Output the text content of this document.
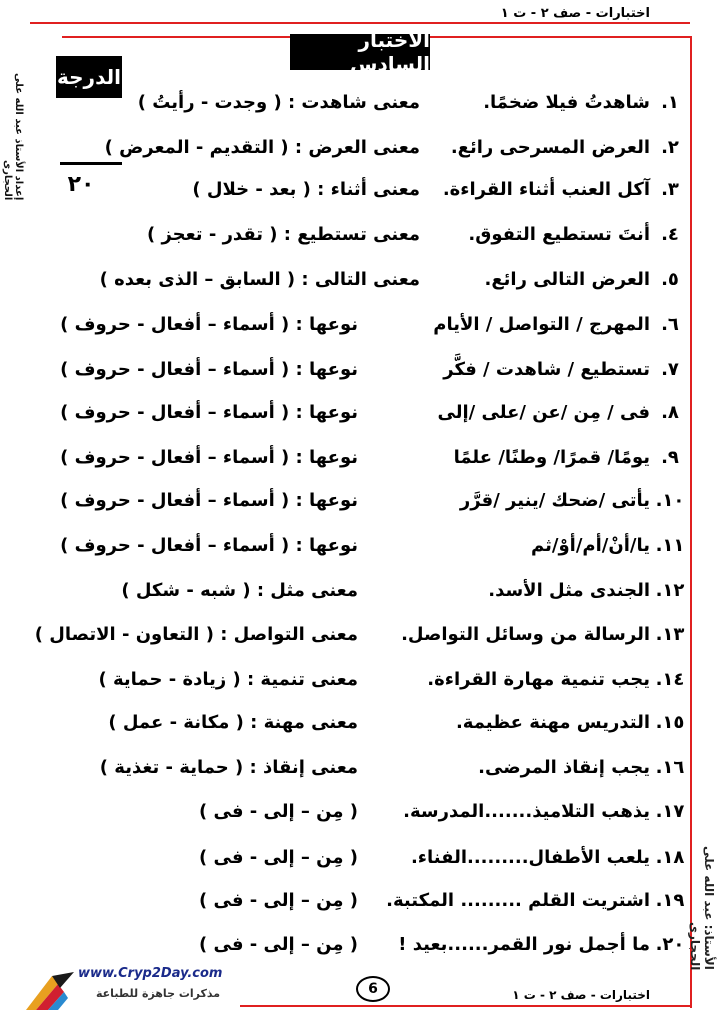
اختبارات - صف ٢ - ت ١
إعداد الأستاذ عبد الله على الحجارى
الأستاذ: عبد الله على الحجارى
الاختبار السادس
الدرجة
٢٠
١.
شاهدتُ فيلا ضخمًا.
معنى شاهدت : ( وجدت - رأيتُ )
٢.
العرض المسرحى رائع.
معنى العرض : ( التقديم - المعرض )
٣.
آكل العنب أثناء القراءة.
معنى أثناء : ( بعد - خلال )
٤.
أنتَ تستطيع التفوق.
معنى تستطيع : ( تقدر - تعجز )
٥.
العرض التالى رائع.
معنى التالى : ( السابق – الذى بعده )
٦.
المهرج / التواصل / الأيام
نوعها : ( أسماء – أفعال - حروف )
٧.
تستطيع / شاهدت / فكَّر
نوعها : ( أسماء – أفعال - حروف )
٨.
فى / مِن /عن /على /إلى
نوعها : ( أسماء – أفعال - حروف )
٩.
يومًا/ قمرًا/ وطنًا/ علمًا
نوعها : ( أسماء – أفعال - حروف )
١٠.
يأتى /ضحك /ينير /قرَّر
نوعها : ( أسماء – أفعال - حروف )
١١.
يا/أنْ/أم/أوْ/ثم
نوعها : ( أسماء – أفعال - حروف )
١٢.
الجندى مثل الأسد.
معنى مثل : ( شبه - شكل )
١٣.
الرسالة من وسائل التواصل.
معنى التواصل : ( التعاون - الاتصال )
١٤.
يجب تنمية مهارة القراءة.
معنى تنمية : ( زيادة - حماية )
١٥.
التدريس مهنة عظيمة.
معنى مهنة : ( مكانة - عمل )
١٦.
يجب إنقاذ المرضى.
معنى إنقاذ : ( حماية - تغذية )
١٧.
يذهب التلاميذ.......المدرسة.
( مِن – إلى - فى )
١٨.
يلعب الأطفال.........الفناء.
( مِن – إلى - فى )
١٩.
اشتريت القلم ......... المكتبة.
( مِن – إلى - فى )
٢٠.
ما أجمل نور القمر......بعيد !
( مِن – إلى - فى )
اختبارات - صف ٢ - ت ١
6
www.Cryp2Day.com
مذكرات جاهزة للطباعة
